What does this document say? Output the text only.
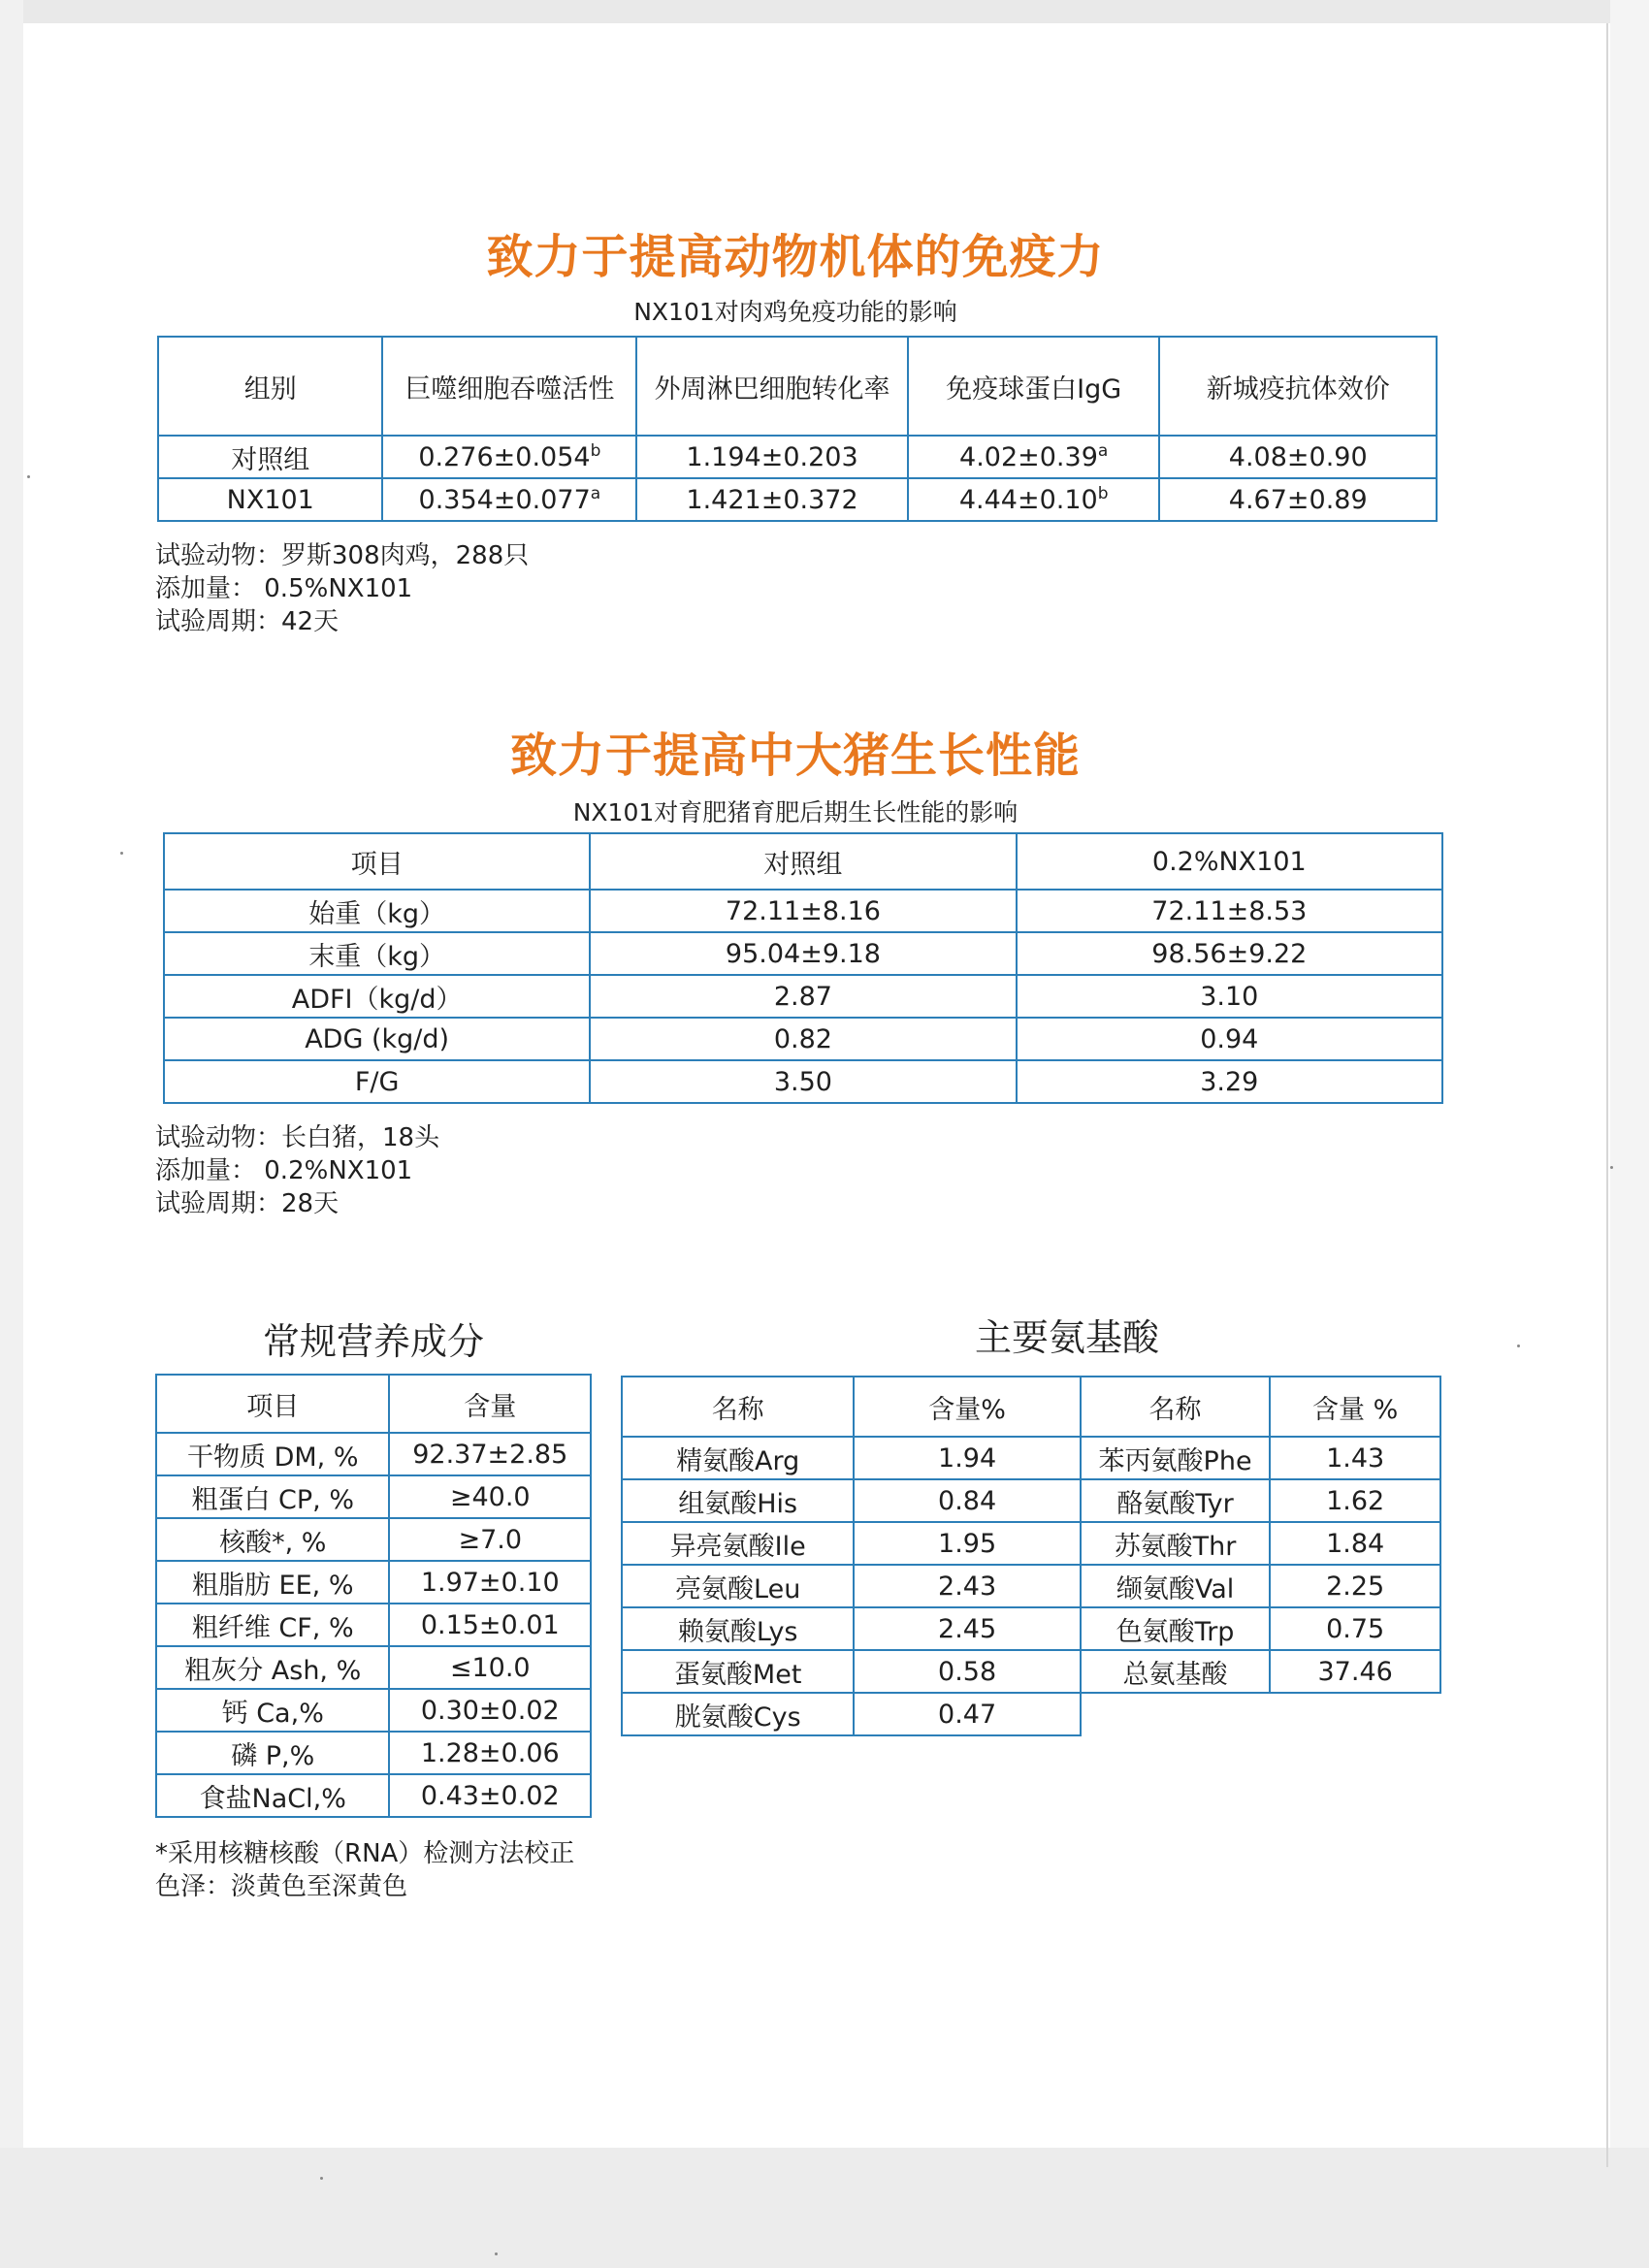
致力于提高动物机体的免疫力
NX101对肉鸡免疫功能的影响
组别	巨噬细胞吞噬活性	外周淋巴细胞转化率	免疫球蛋白IgG	新城疫抗体效价
对照组	0.276±0.054$^b$	1.194±0.203	4.02±0.39$^a$	4.08±0.90
NX101	0.354±0.077$^a$	1.421±0.372	4.44±0.10$^b$	4.67±0.89
试验动物：罗斯308肉鸡，288只
添加量： 0.5%NX101
试验周期：42天
致力于提高中大猪生长性能
NX101对育肥猪育肥后期生长性能的影响
项目	对照组	0.2%NX101
始重（kg）	72.11±8.16	72.11±8.53
末重（kg）	95.04±9.18	98.56±9.22
ADFI（kg/d）	2.87	3.10
ADG (kg/d)	0.82	0.94
F/G	3.50	3.29
试验动物：长白猪，18头
添加量： 0.2%NX101
试验周期：28天
常规营养成分
项目	含量
干物质 DM, %	92.37±2.85
粗蛋白 CP, %	≥40.0
核酸*, %	≥7.0
粗脂肪 EE, %	1.97±0.10
粗纤维 CF, %	0.15±0.01
粗灰分 Ash, %	≤10.0
钙 Ca,%	0.30±0.02
磷 P,%	1.28±0.06
食盐NaCl,%	0.43±0.02
*采用核糖核酸（RNA）检测方法校正
色泽：淡黄色至深黄色
主要氨基酸
名称	含量%	名称	含量 %
精氨酸Arg	1.94	苯丙氨酸Phe	1.43
组氨酸His	0.84	酪氨酸Tyr	1.62
异亮氨酸Ile	1.95	苏氨酸Thr	1.84
亮氨酸Leu	2.43	缬氨酸Val	2.25
赖氨酸Lys	2.45	色氨酸Trp	0.75
蛋氨酸Met	0.58	总氨基酸	37.46
胱氨酸Cys	0.47		
